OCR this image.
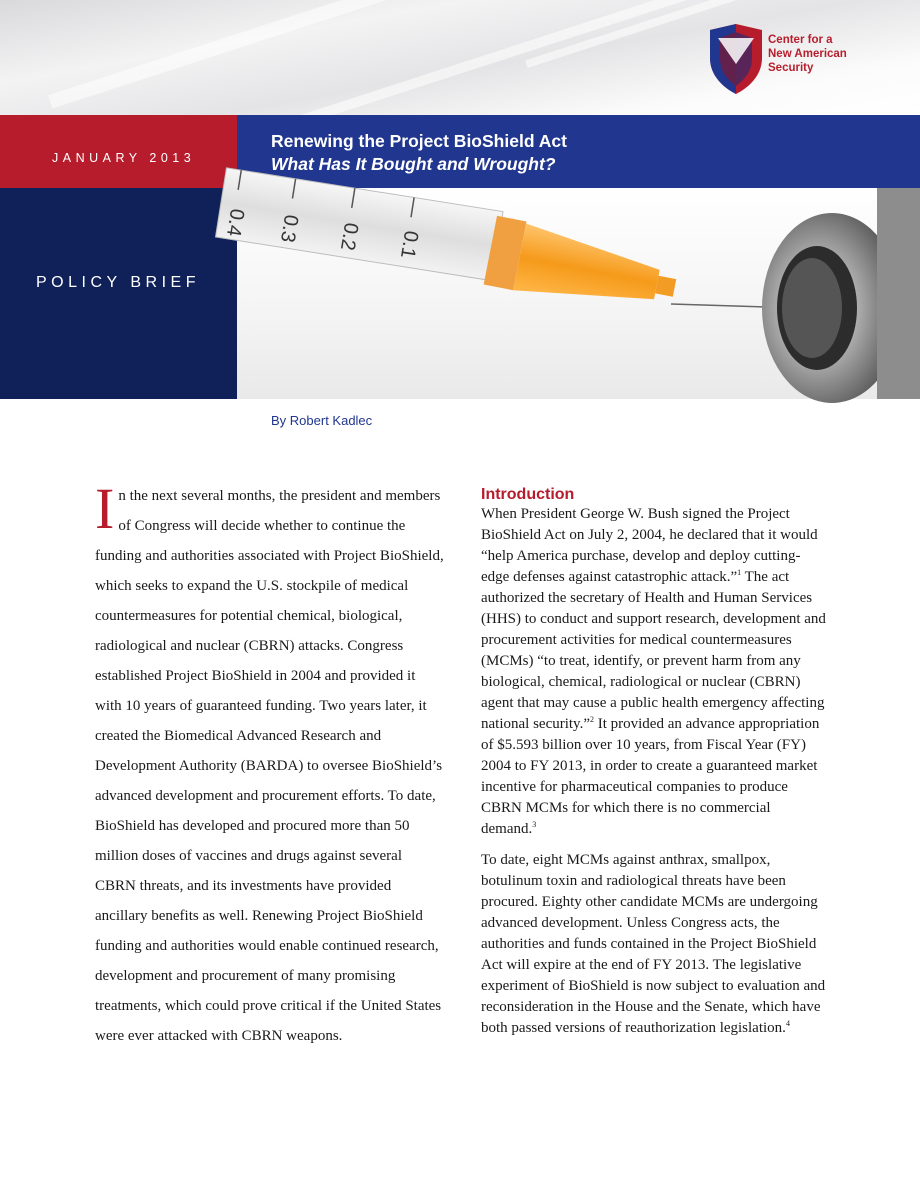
Center for a
New American
Security
JANUARY 2013
Renewing the Project BioShield Act
What Has It Bought and Wrought?
POLICY BRIEF
0.1
0.2
0.3
0.4
By Robert Kadlec
In the next several months, the president and members of Congress will decide whether to continue the funding and authorities associated with Project BioShield, which seeks to expand the U.S. stockpile of medical countermeasures for potential chemical, biological, radiological and nuclear (CBRN) attacks. Congress established Project BioShield in 2004 and provided it with 10 years of guaranteed funding. Two years later, it created the Biomedical Advanced Research and Development Authority (BARDA) to oversee BioShield’s advanced development and procurement efforts. To date, BioShield has developed and procured more than 50 million doses of vaccines and drugs against several CBRN threats, and its investments have provided ancillary benefits as well. Renewing Project BioShield funding and authorities would enable continued research, development and procurement of many promising treatments, which could prove critical if the United States were ever attacked with CBRN weapons.
Introduction

When President George W. Bush signed the Project BioShield Act on July 2, 2004, he declared that it would “help America purchase, develop and deploy cutting-edge defenses against catastrophic attack.”$^1$ The act authorized the secretary of Health and Human Services (HHS) to conduct and support research, development and procurement activities for medical countermeasures (MCMs) “to treat, identify, or prevent harm from any biological, chemical, radiological or nuclear (CBRN) agent that may cause a public health emergency affecting national security.”$^2$ It provided an advance appropriation of $5.593 billion over 10 years, from Fiscal Year (FY) 2004 to FY 2013, in order to create a guaranteed market incentive for pharmaceutical companies to produce CBRN MCMs for which there is no commercial demand.$^3$

To date, eight MCMs against anthrax, smallpox, botulinum toxin and radiological threats have been procured. Eighty other candidate MCMs are undergoing advanced development. Unless Congress acts, the authorities and funds contained in the Project BioShield Act will expire at the end of FY 2013. The legislative experiment of BioShield is now subject to evaluation and reconsideration in the House and the Senate, which have both passed versions of reauthorization legislation.$^4$
